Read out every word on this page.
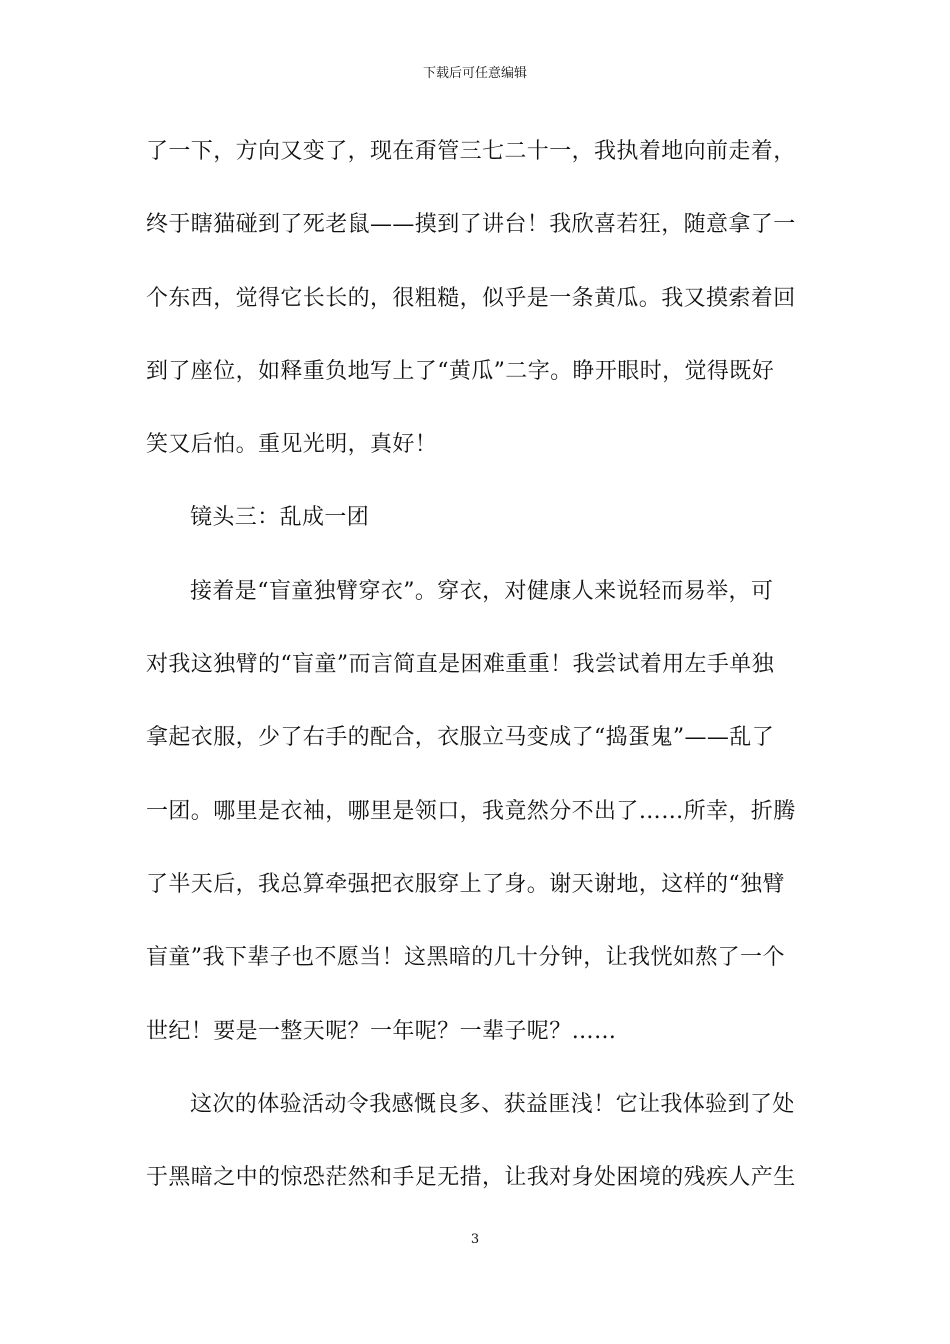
下载后可任意编辑
了一下，方向又变了，现在甭管三七二十一，我执着地向前走着，
终于瞎猫碰到了死老鼠——摸到了讲台！我欣喜若狂，随意拿了一
个东西，觉得它长长的，很粗糙，似乎是一条黄瓜。我又摸索着回
到了座位，如释重负地写上了“黄瓜”二字。睁开眼时，觉得既好
笑又后怕。重见光明，真好！
镜头三：乱成一团
接着是“盲童独臂穿衣”。穿衣，对健康人来说轻而易举，可
对我这独臂的“盲童”而言简直是困难重重！我尝试着用左手单独
拿起衣服，少了右手的配合，衣服立马变成了“捣蛋鬼”——乱了
一团。哪里是衣袖，哪里是领口，我竟然分不出了……所幸，折腾
了半天后，我总算牵强把衣服穿上了身。谢天谢地，这样的“独臂
盲童”我下辈子也不愿当！这黑暗的几十分钟，让我恍如熬了一个
世纪！要是一整天呢？一年呢？一辈子呢？……
这次的体验活动令我感慨良多、获益匪浅！它让我体验到了处
于黑暗之中的惊恐茫然和手足无措，让我对身处困境的残疾人产生
3
